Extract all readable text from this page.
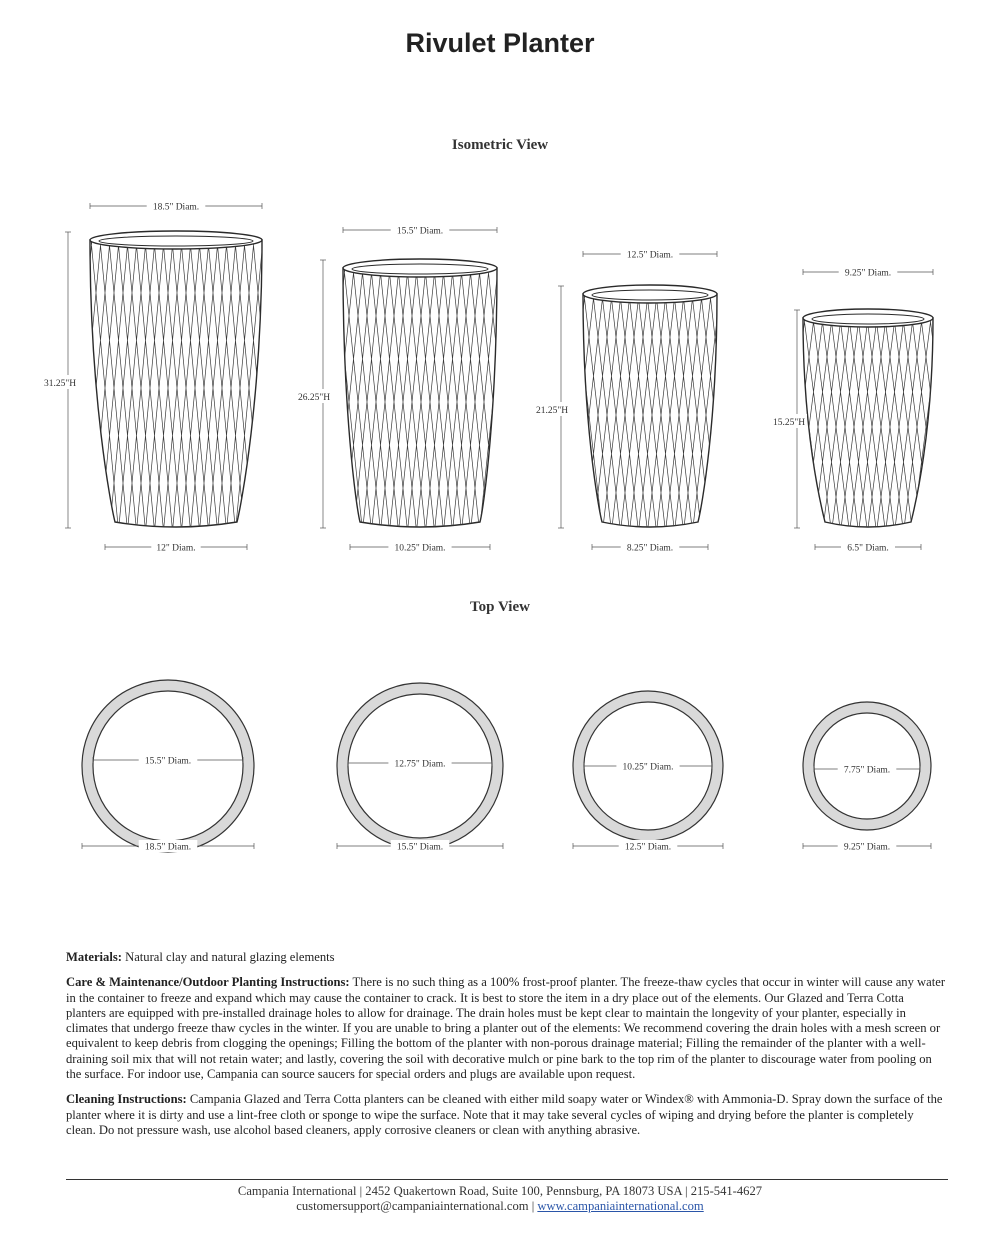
Rivulet Planter
Isometric View
Top View
18.5" Diam.
12" Diam.
31.25"H
15.5" Diam.
18.5" Diam.
15.5" Diam.
10.25" Diam.
26.25"H
12.75" Diam.
15.5" Diam.
12.5" Diam.
8.25" Diam.
21.25"H
10.25" Diam.
12.5" Diam.
9.25" Diam.
6.5" Diam.
15.25"H
7.75" Diam.
9.25" Diam.

Materials: Natural clay and natural glazing elements

Care & Maintenance/Outdoor Planting Instructions: There is no such thing as a 100% frost-proof planter. The freeze-thaw cycles that occur in winter will cause any water in the container to freeze and expand which may cause the container to crack. It is best to store the item in a dry place out of the elements. Our Glazed and Terra Cotta planters are equipped with pre-installed drainage holes to allow for drainage. The drain holes must be kept clear to maintain the longevity of your planter, especially in climates that undergo freeze thaw cycles in the winter. If you are unable to bring a planter out of the elements: We recommend covering the drain holes with a mesh screen or equivalent to keep debris from clogging the openings; Filling the bottom of the planter with non-porous drainage material; Filling the remainder of the planter with a well-draining soil mix that will not retain water; and lastly, covering the soil with decorative mulch or pine bark to the top rim of the planter to discourage water from pooling on the surface. For indoor use, Campania can source saucers for special orders and plugs are available upon request.

Cleaning Instructions: Campania Glazed and Terra Cotta planters can be cleaned with either mild soapy water or Windex® with Ammonia-D. Spray down the surface of the planter where it is dirty and use a lint-free cloth or sponge to wipe the surface. Note that it may take several cycles of wiping and drying before the planter is completely clean. Do not pressure wash, use alcohol based cleaners, apply corrosive cleaners or clean with anything abrasive.

Campania International | 2452 Quakertown Road, Suite 100, Pennsburg, PA 18073 USA | 215-541-4627
customersupport@campaniainternational.com | www.campaniainternational.com
